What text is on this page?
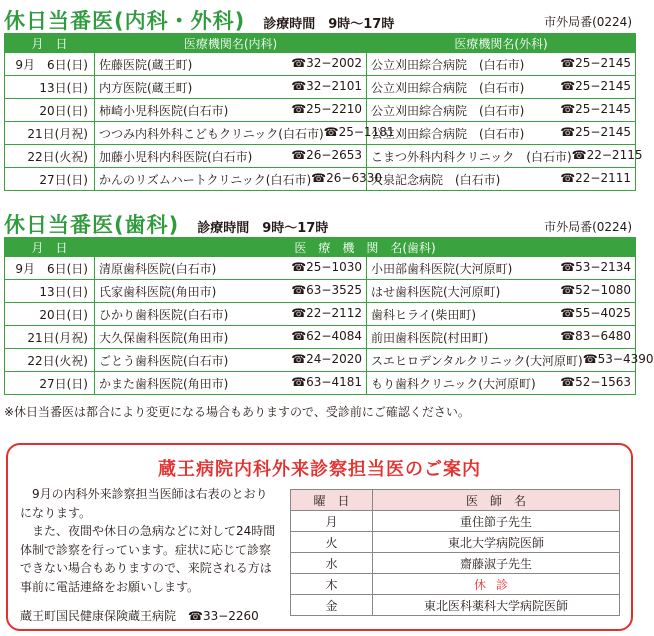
休日当番医(内科・外科) 診療時間　9時～17時	市外局番(0224)
月　日	医療機関名(内科)	医療機関名(外科)
9月　6日(日)	佐藤医院(蔵王町) ☎32−2002	公立刈田綜合病院　(白石市) ☎25−2145

13日(日)	内方医院(蔵王町) ☎32−2101	公立刈田綜合病院　(白石市) ☎25−2145

20日(日)	柿崎小児科医院(白石市) ☎25−2210	公立刈田綜合病院　(白石市) ☎25−2145

21日(月祝)	つつみ内科外科こどもクリニック(白石市) ☎25−1181	公立刈田綜合病院　(白石市) ☎25−2145

22日(火祝)	加藤小児科内科医院(白石市) ☎26−2653	こまつ外科内科クリニック　(白石市) ☎22−2115

27日(日)	かんのリズムハートクリニック(白石市) ☎26−6330	大泉記念病院　(白石市) ☎22−2111
休日当番医(歯科) 診療時間　9時～17時	市外局番(0224)
月　日	医　療　機　関　名(歯科)	
9月　6日(日)	清原歯科医院(白石市) ☎25−1030	小田部歯科医院(大河原町) ☎53−2134

13日(日)	氏家歯科医院(角田市) ☎63−3525	はせ歯科医院(大河原町) ☎52−1080

20日(日)	ひかり歯科医院(白石市) ☎22−2112	歯科ヒライ(柴田町) ☎55−4025

21日(月祝)	大久保歯科医院(角田市) ☎62−4084	前田歯科医院(村田町) ☎83−6480

22日(火祝)	ごとう歯科医院(白石市) ☎24−2020	スエヒロデンタルクリニック(大河原町) ☎53−4390

27日(日)	かまた歯科医院(角田市) ☎63−4181	もり歯科クリニック(大河原町) ☎52−1563
※休日当番医は都合により変更になる場合もありますので、受診前にご確認ください。
蔵王病院内科外来診察担当医のご案内

9月の内科外来診察担当医師は右表のとおりになります。

また、夜間や休日の急病などに対して24時間体制で診察を行っています。症状に応じて診察できない場合もありますので、来院される方は事前に電話連絡をお願いします。

蔵王町国民健康保険蔵王病院　☎33−2260
曜　日	医　師　名
月	重住節子先生
火	東北大学病院医師
水	齋藤淑子先生
木	休診
金	東北医科薬科大学病院医師
